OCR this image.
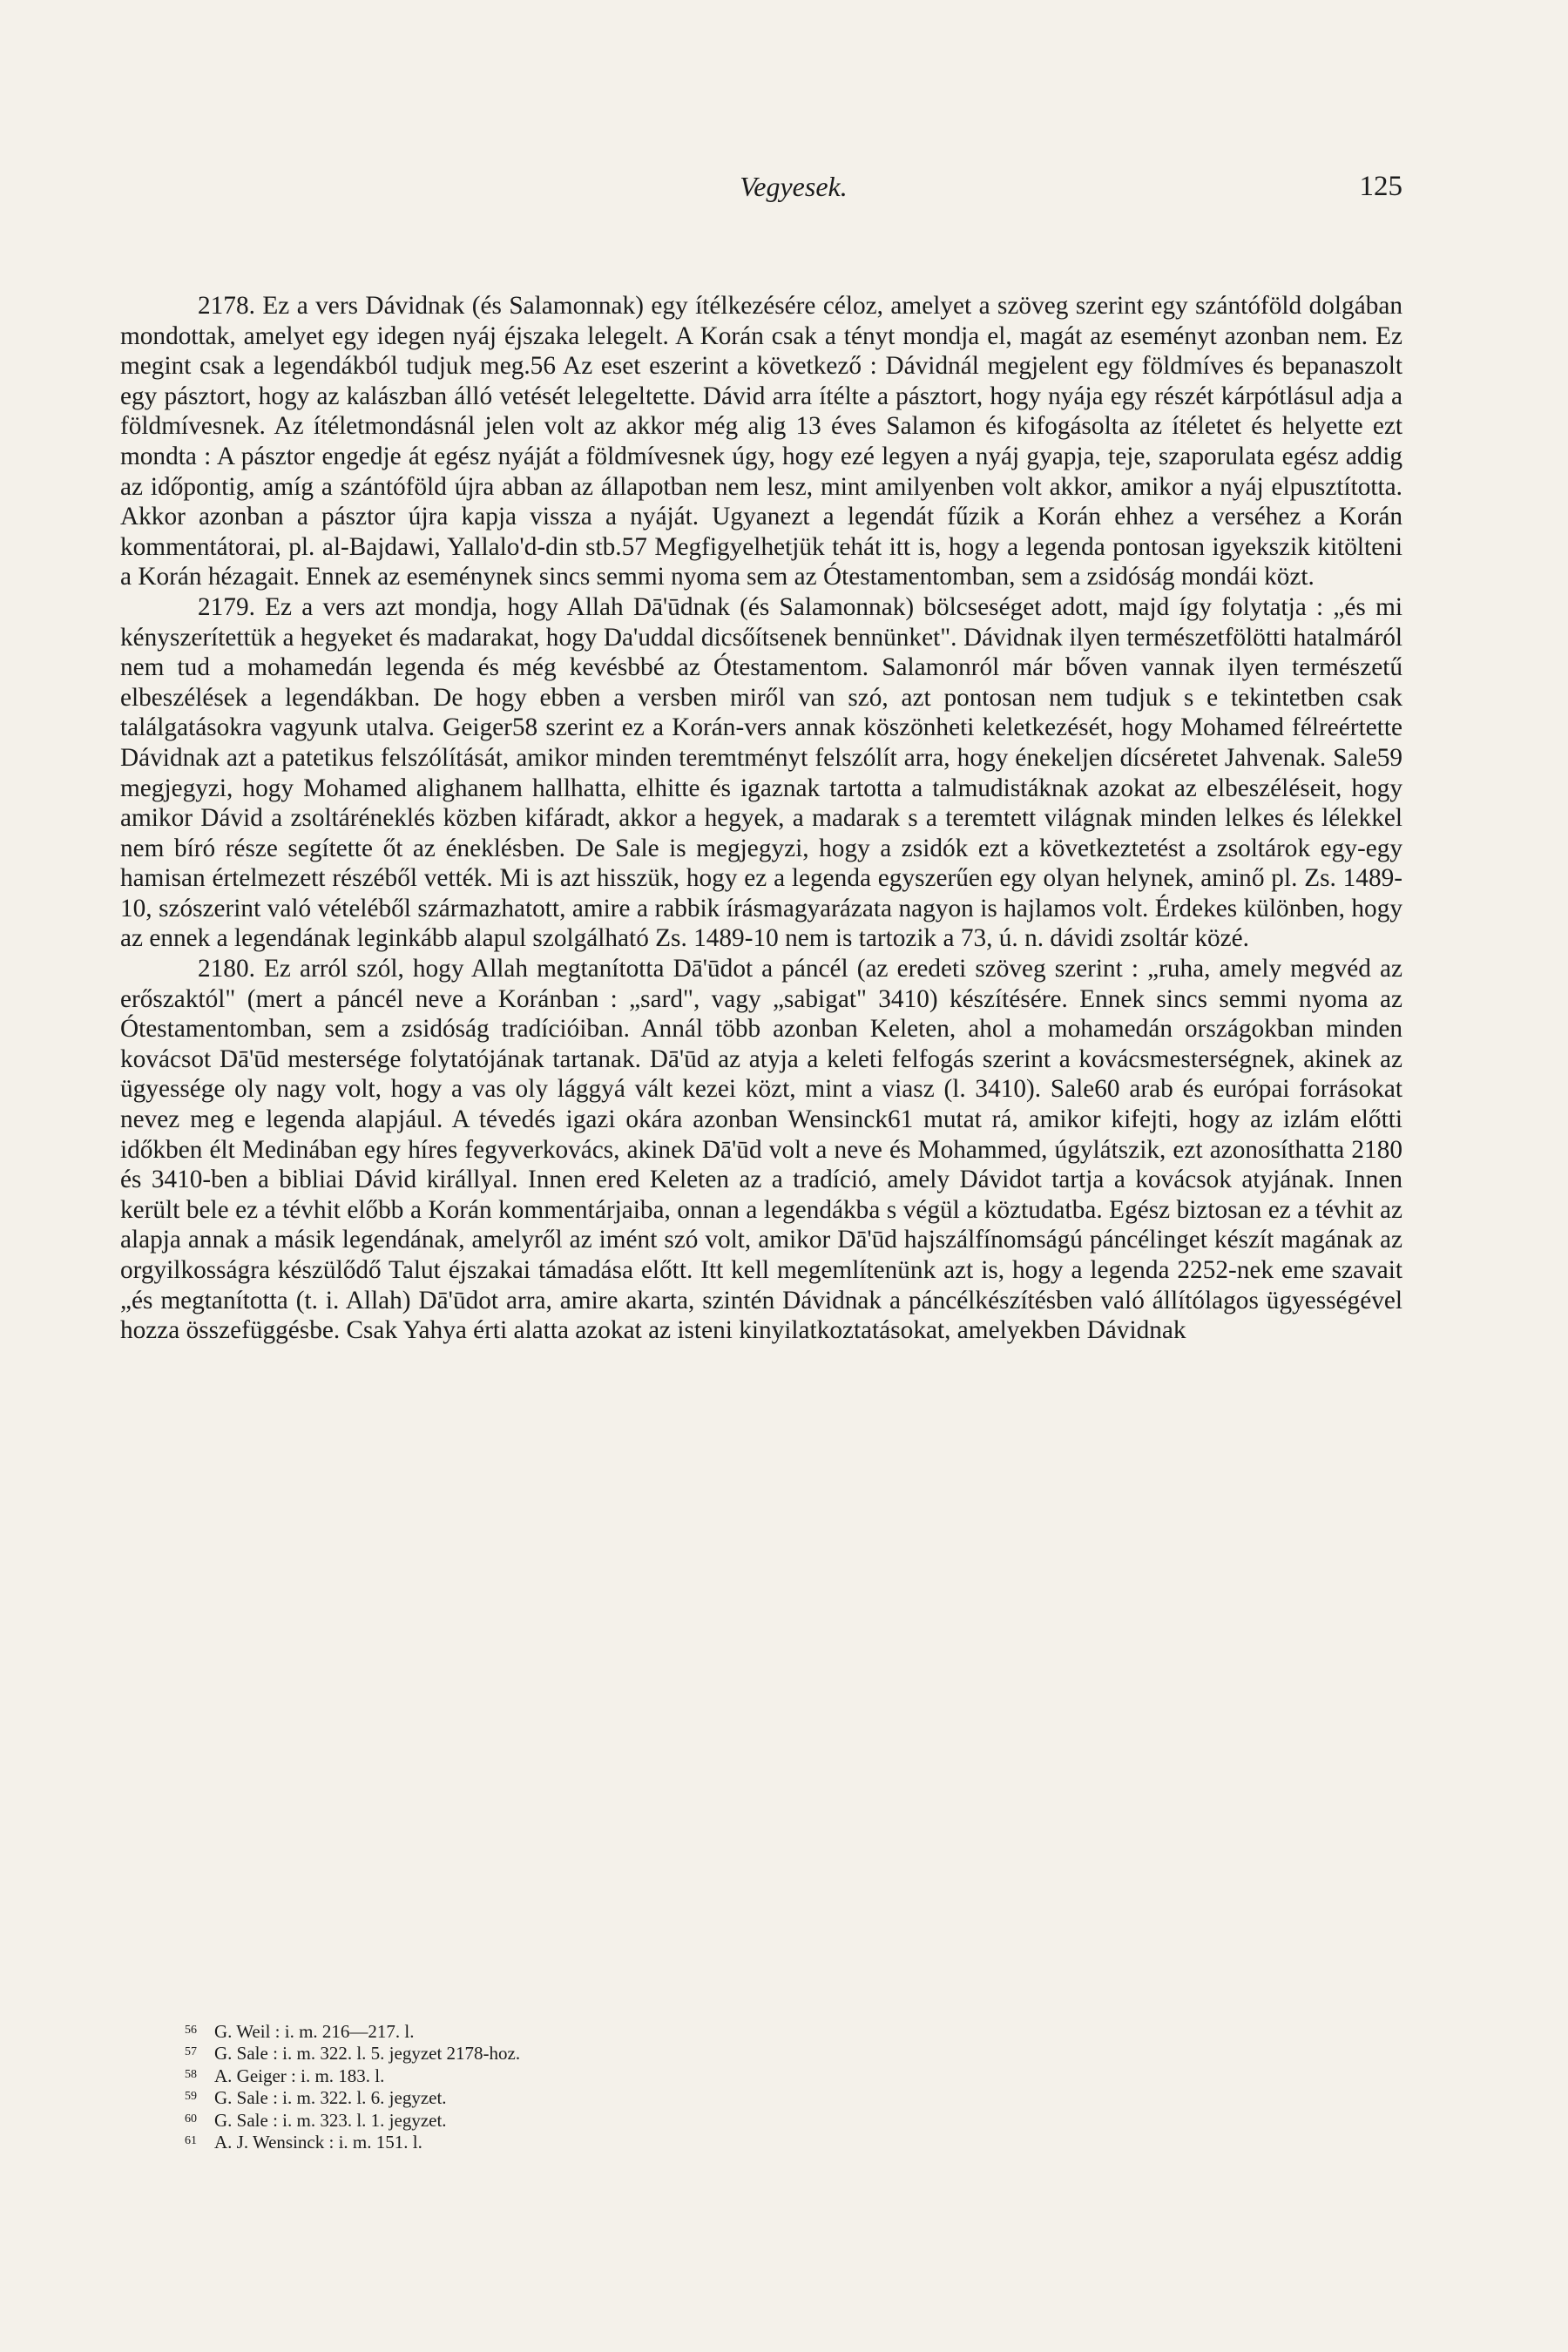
Vegyesek.	125

2178. Ez a vers Dávidnak (és Salamonnak) egy ítélkezésére céloz, amelyet a szöveg szerint egy szántóföld dolgában mondottak, amelyet egy idegen nyáj éjszaka lelegelt. A Korán csak a tényt mondja el, magát az eseményt azonban nem. Ez megint csak a legendákból tudjuk meg.56 Az eset eszerint a következő : Dávidnál megjelent egy földmíves és bepanaszolt egy pásztort, hogy az kalászban álló vetését lelegeltette. Dávid arra ítélte a pásztort, hogy nyája egy részét kárpótlásul adja a földmívesnek. Az ítéletmondásnál jelen volt az akkor még alig 13 éves Salamon és kifogásolta az ítéletet és helyette ezt mondta : A pásztor engedje át egész nyáját a földmívesnek úgy, hogy ezé legyen a nyáj gyapja, teje, szaporulata egész addig az időpontig, amíg a szántóföld újra abban az állapotban nem lesz, mint amilyenben volt akkor, amikor a nyáj elpusztította. Akkor azonban a pásztor újra kapja vissza a nyáját. Ugyanezt a legendát fűzik a Korán ehhez a verséhez a Korán kommentátorai, pl. al-Bajdawi, Yallalo'd-din stb.57 Megfigyelhetjük tehát itt is, hogy a legenda pontosan igyekszik kitölteni a Korán hézagait. Ennek az eseménynek sincs semmi nyoma sem az Ótestamentomban, sem a zsidóság mondái közt.

2179. Ez a vers azt mondja, hogy Allah Dā'ūdnak (és Salamonnak) bölcseséget adott, majd így folytatja : „és mi kényszerítettük a hegyeket és madarakat, hogy Da'uddal dicsőítsenek bennünket". Dávidnak ilyen természetfölötti hatalmáról nem tud a mohamedán legenda és még kevésbbé az Ótestamentom. Salamonról már bőven vannak ilyen természetű elbeszélések a legendákban. De hogy ebben a versben miről van szó, azt pontosan nem tudjuk s e tekintetben csak találgatásokra vagyunk utalva. Geiger58 szerint ez a Korán-vers annak köszönheti keletkezését, hogy Mohamed félreértette Dávidnak azt a patetikus felszólítását, amikor minden teremtményt felszólít arra, hogy énekeljen dícséretet Jahvenak. Sale59 megjegyzi, hogy Mohamed alighanem hallhatta, elhitte és igaznak tartotta a talmudistáknak azokat az elbeszéléseit, hogy amikor Dávid a zsoltáréneklés közben kifáradt, akkor a hegyek, a madarak s a teremtett világnak minden lelkes és lélekkel nem bíró része segítette őt az éneklésben. De Sale is megjegyzi, hogy a zsidók ezt a következtetést a zsoltárok egy-egy hamisan értelmezett részéből vették. Mi is azt hisszük, hogy ez a legenda egyszerűen egy olyan helynek, aminő pl. Zs. 1489-10, szószerint való vételéből származhatott, amire a rabbik írásmagyarázata nagyon is hajlamos volt. Érdekes különben, hogy az ennek a legendának leginkább alapul szolgálható Zs. 1489-10 nem is tartozik a 73, ú. n. dávidi zsoltár közé.

2180. Ez arról szól, hogy Allah megtanította Dā'ūdot a páncél (az eredeti szöveg szerint : „ruha, amely megvéd az erőszaktól" (mert a páncél neve a Koránban : „sard", vagy „sabigat" 3410) készítésére. Ennek sincs semmi nyoma az Ótestamentomban, sem a zsidóság tradícióiban. Annál több azonban Keleten, ahol a mohamedán országokban minden kovácsot Dā'ūd mestersége folytatójának tartanak. Dā'ūd az atyja a keleti felfogás szerint a kovácsmesterségnek, akinek az ügyessége oly nagy volt, hogy a vas oly lággyá vált kezei közt, mint a viasz (l. 3410). Sale60 arab és európai forrásokat nevez meg e legenda alapjául. A tévedés igazi okára azonban Wensinck61 mutat rá, amikor kifejti, hogy az izlám előtti időkben élt Medinában egy híres fegyverkovács, akinek Dā'ūd volt a neve és Mohammed, úgylátszik, ezt azonosíthatta 2180 és 3410-ben a bibliai Dávid királlyal. Innen ered Keleten az a tradíció, amely Dávidot tartja a kovácsok atyjának. Innen került bele ez a tévhit előbb a Korán kommentárjaiba, onnan a legendákba s végül a köztudatba. Egész biztosan ez a tévhit az alapja annak a másik legendának, amelyről az imént szó volt, amikor Dā'ūd hajszálfínomságú páncélinget készít magának az orgyilkosságra készülődő Talut éjszakai támadása előtt. Itt kell megemlítenünk azt is, hogy a legenda 2252-nek eme szavait „és megtanította (t. i. Allah) Dā'ūdot arra, amire akarta, szintén Dávidnak a páncélkészítésben való állítólagos ügyességével hozza összefüggésbe. Csak Yahya érti alatta azokat az isteni kinyilatkoztatásokat, amelyekben Dávidnak

56 G. Weil : i. m. 216—217. l.
57 G. Sale : i. m. 322. l. 5. jegyzet 2178-hoz.
58 A. Geiger : i. m. 183. l.
59 G. Sale : i. m. 322. l. 6. jegyzet.
60 G. Sale : i. m. 323. l. 1. jegyzet.
61 A. J. Wensinck : i. m. 151. l.
